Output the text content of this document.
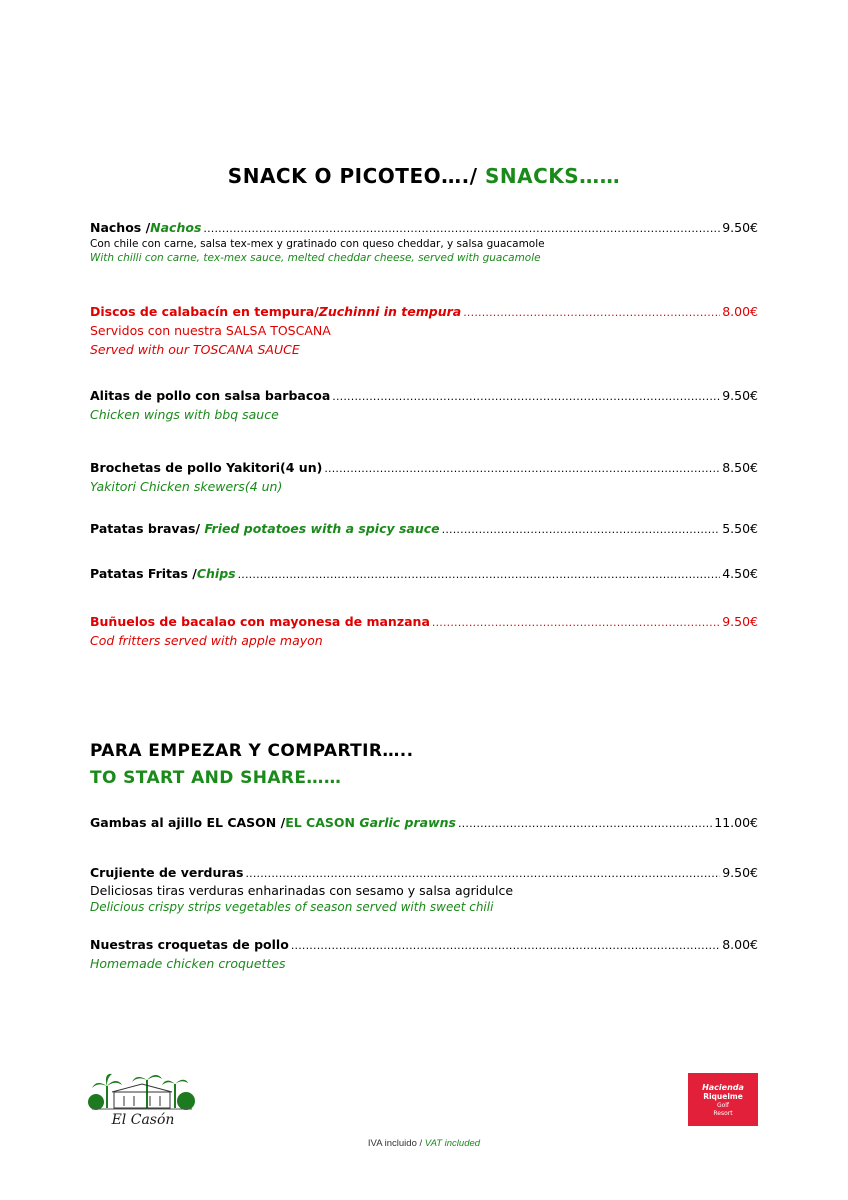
SNACK O PICOTEO…./ SNACKS……
Nachos /Nachos .....	9.50€
Con chile con carne, salsa tex-mex y gratinado con queso cheddar, y salsa guacamole
With chilli con carne, tex-mex sauce, melted cheddar cheese, served with guacamole
Discos de calabacín en tempura/Zuchinni in tempura .....	8.00€
Servidos con nuestra SALSA TOSCANA
Served with our TOSCANA SAUCE
Alitas de pollo con salsa barbacoa .....	9.50€
Chicken wings with bbq sauce
Brochetas de pollo Yakitori(4 un) .....	8.50€
Yakitori Chicken skewers(4 un)
Patatas bravas/ Fried potatoes with a spicy sauce .....	5.50€
Patatas Fritas /Chips .....	4.50€
Buñuelos de bacalao con mayonesa de manzana .....	9.50€
Cod fritters served with apple mayon
PARA EMPEZAR Y COMPARTIR…..
TO START AND SHARE……
Gambas al ajillo EL CASON /EL CASON Garlic prawns .....	11.00€
Crujiente de verduras .....	9.50€
Deliciosas tiras verduras enharinadas con sesamo y salsa agridulce
Delicious crispy strips vegetables of season served with sweet chili
Nuestras croquetas de pollo .....	8.00€
Homemade chicken croquettes
El Casón
Hacienda
Riquelme
Golf
Resort
IVA incluido / VAT included
